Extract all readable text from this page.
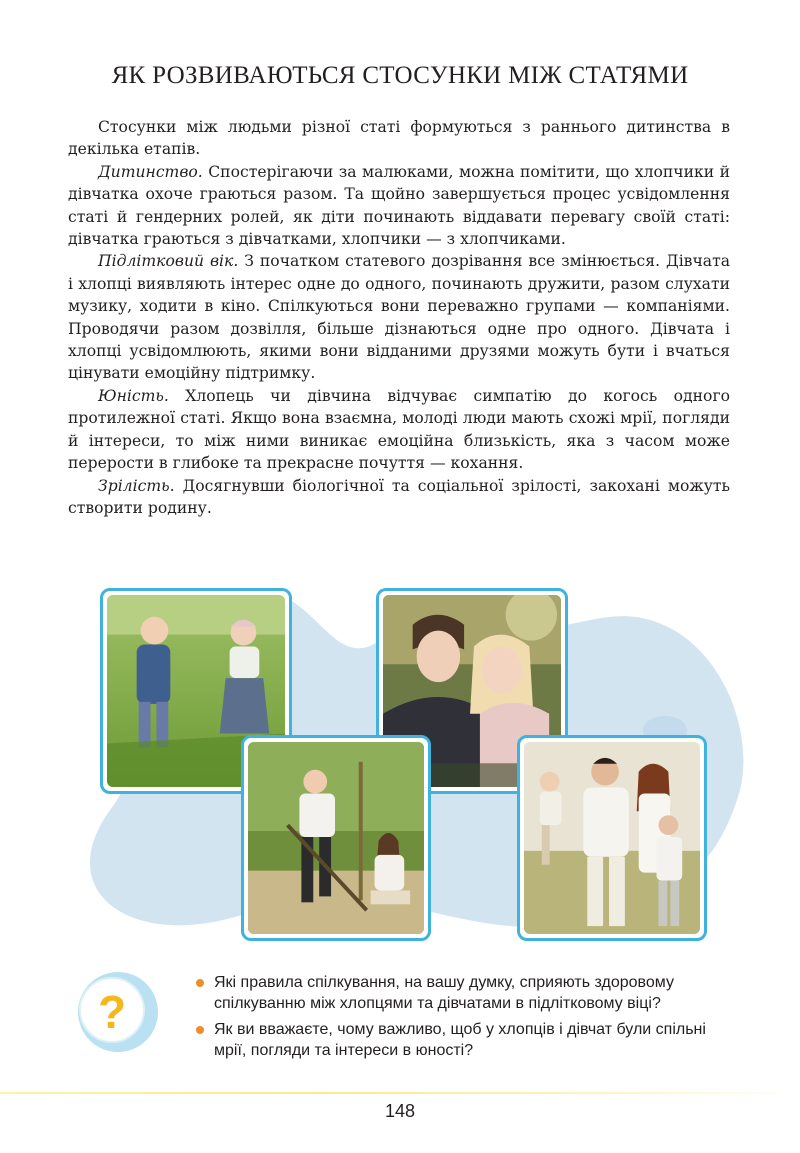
ЯК РОЗВИВАЮТЬСЯ СТОСУНКИ МІЖ СТАТЯМИ

Стосунки між людьми різної статі формуються з раннього дитинства в декілька етапів.

Дитинство. Спостерігаючи за малюками, можна помітити, що хлопчики й дівчатка охоче граються разом. Та щойно завершується процес усвідомлення статі й гендерних ролей, як діти починають віддавати перевагу своїй статі: дівчатка граються з дівчатками, хлопчики — з хлопчиками.

Підлітковий вік. З початком статевого дозрівання все змінюється. Дівчата і хлопці виявляють інтерес одне до одного, починають дружити, разом слухати музику, ходити в кіно. Спілкуються вони переважно групами — компаніями. Проводячи разом дозвілля, більше дізнаються одне про одного. Дівчата і хлопці усвідомлюють, якими вони відданими друзями можуть бути і вчаться цінувати емоційну підтримку.

Юність. Хлопець чи дівчина відчуває симпатію до когось одного протилежної статі. Якщо вона взаємна, молоді люди мають схожі мрії, погляди й інтереси, то між ними виникає емоційна близькість, яка з часом може перерости в глибоке та прекрасне почуття — кохання.

Зрілість. Досягнувши біологічної та соціальної зрілості, закохані можуть створити родину.

?
Які правила спілкування, на вашу думку, сприяють здоровому спілкуванню між хлопцями та дівчатами в підлітковому віці?
Як ви вважаєте, чому важливо, щоб у хлопців і дівчат були спільні мрії, погляди та інтереси в юності?
148
